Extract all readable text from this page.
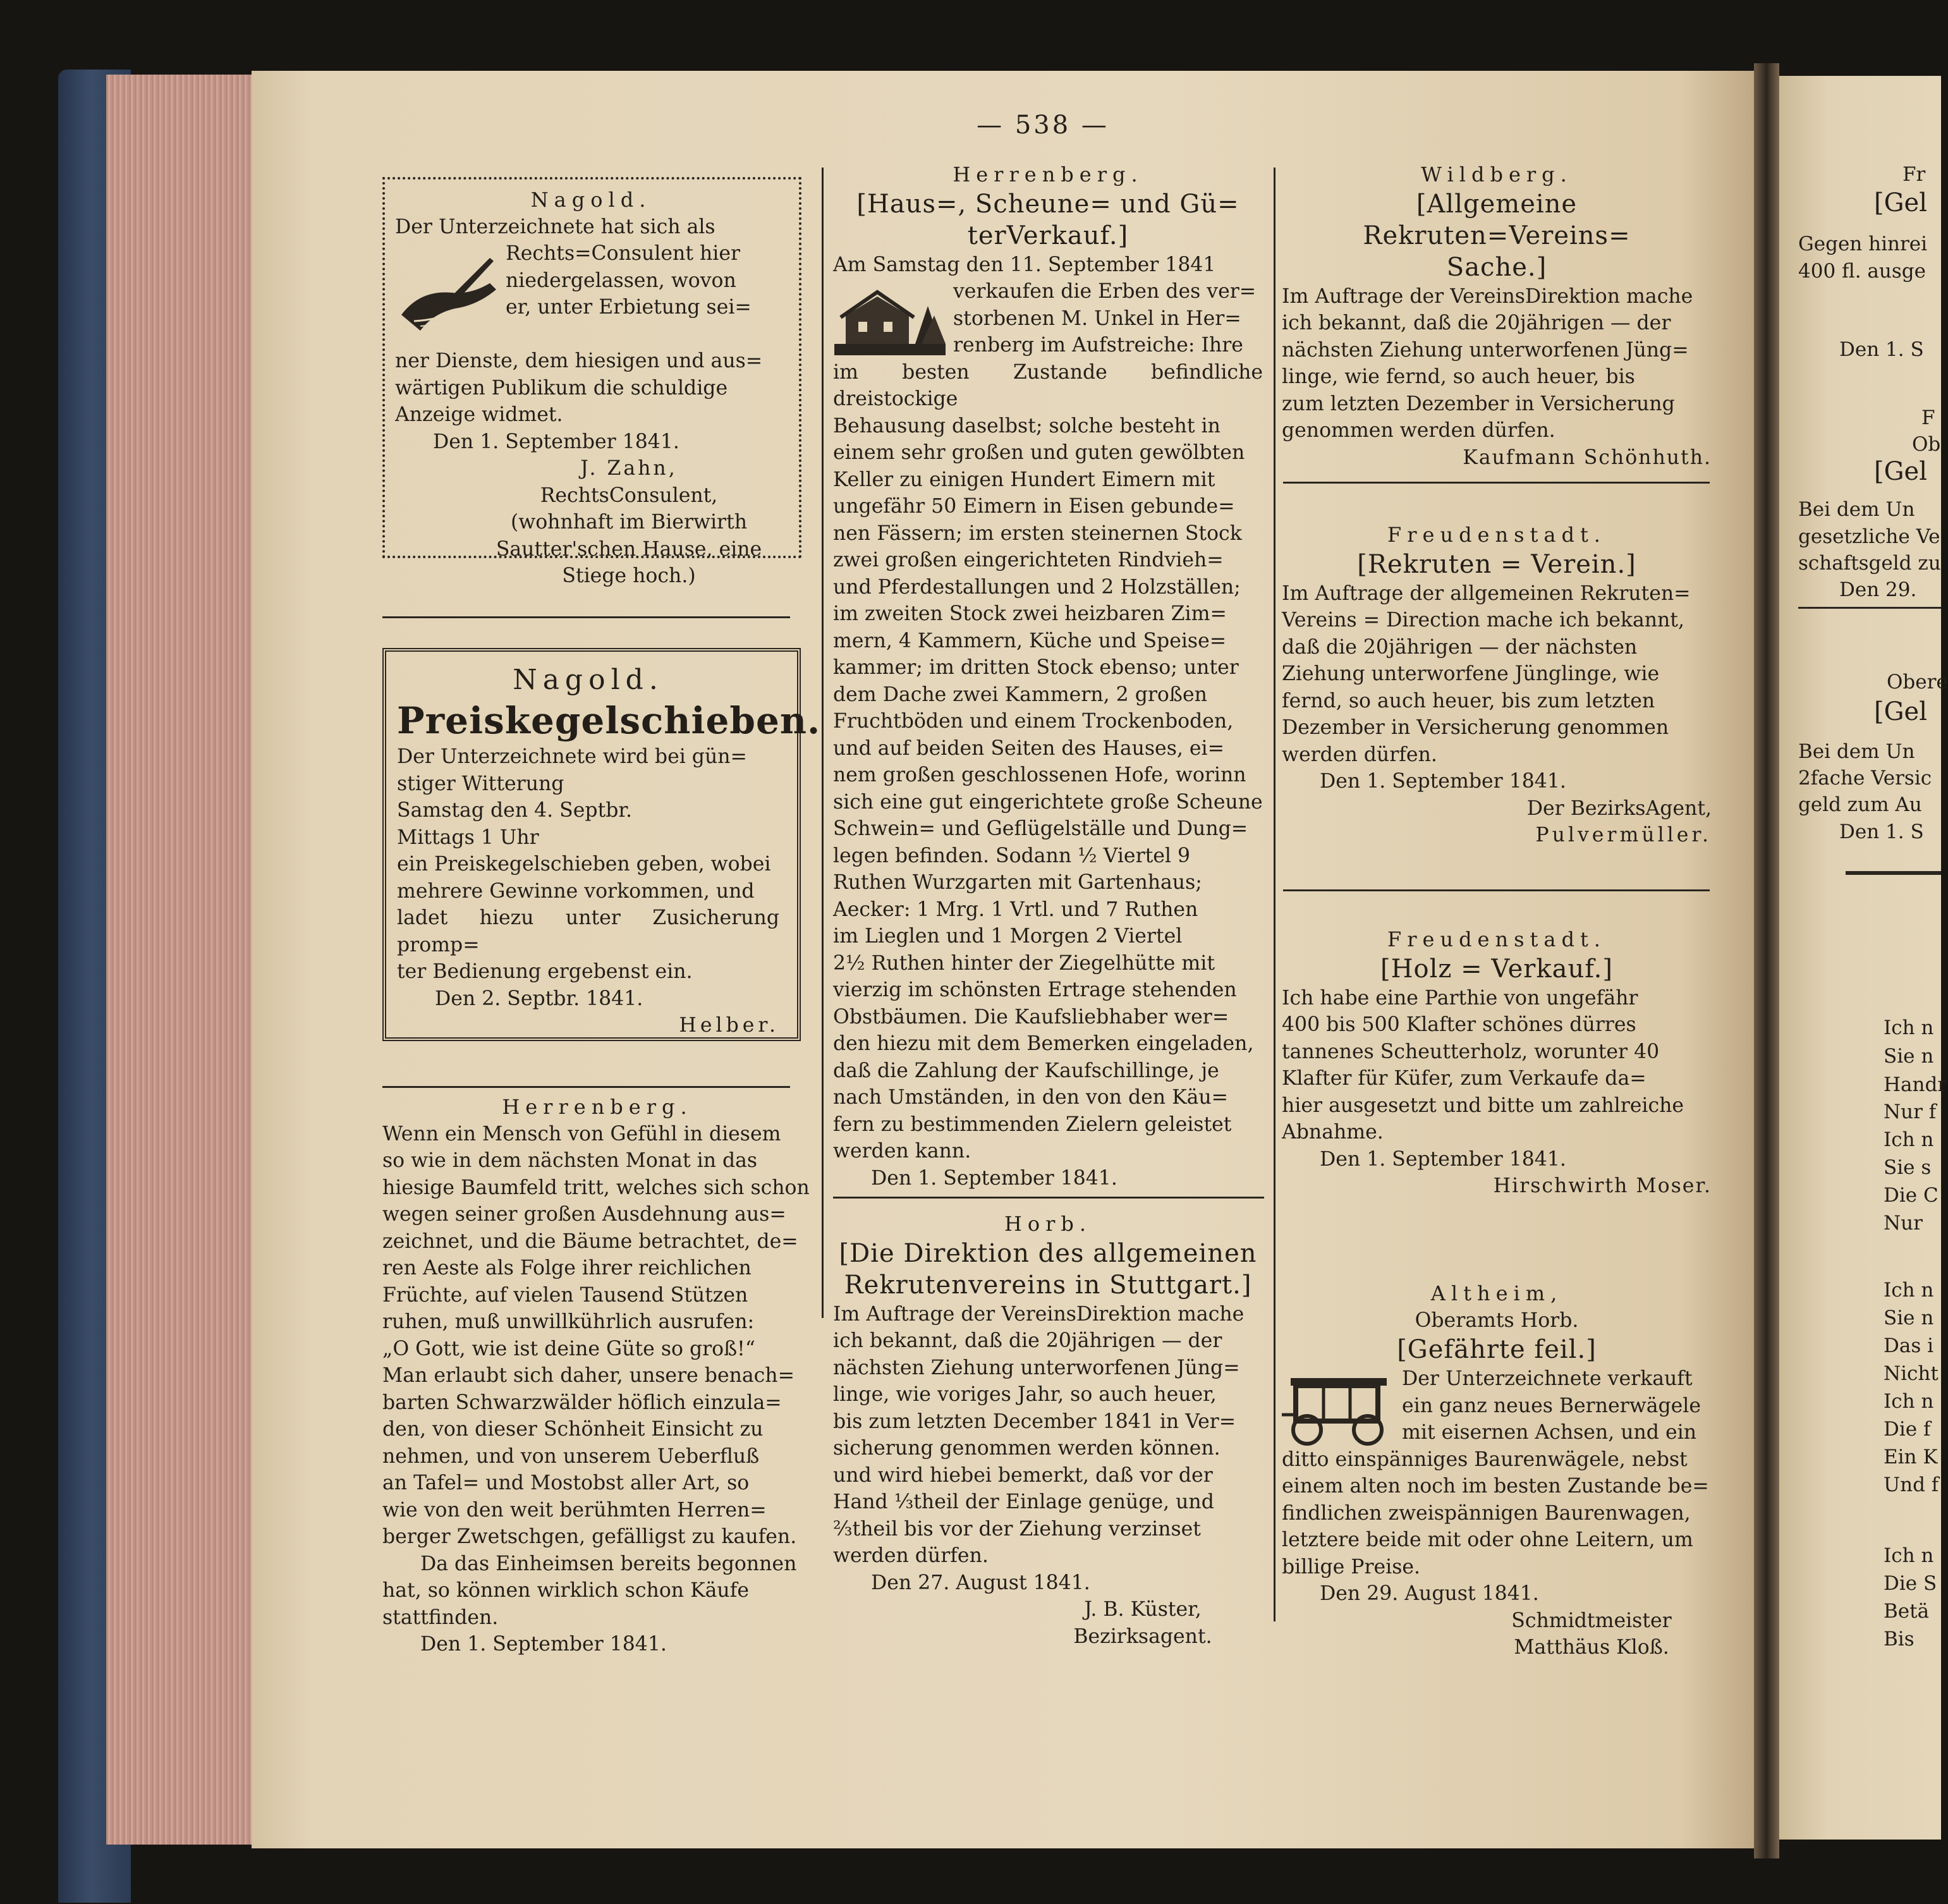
— 538 —
Nagold.

Der Unterzeichnete hat sich als

Rechts=Consulent hier

niedergelassen, wovon

er, unter Erbietung sei=

ner Dienste, dem hiesigen und aus=

wärtigen Publikum die schuldige

Anzeige widmet.

Den 1. September 1841.

J. Zahn,
RechtsConsulent,
(wohnhaft im Bierwirth
Sautter'schen Hause, eine
Stiege hoch.)
Nagold.
Preiskegelschieben.

Der Unterzeichnete wird bei gün=

stiger Witterung

Samstag den 4. Septbr.

Mittags 1 Uhr

ein Preiskegelschieben geben, wobei

mehrere Gewinne vorkommen, und

ladet hiezu unter Zusicherung promp=

ter Bedienung ergebenst ein.

Den 2. Septbr. 1841.

Helber.
Herrenberg.

Wenn ein Mensch von Gefühl in diesem

so wie in dem nächsten Monat in das

hiesige Baumfeld tritt, welches sich schon

wegen seiner großen Ausdehnung aus=

zeichnet, und die Bäume betrachtet, de=

ren Aeste als Folge ihrer reichlichen

Früchte, auf vielen Tausend Stützen

ruhen, muß unwillkührlich ausrufen:

„O Gott, wie ist deine Güte so groß!“

Man erlaubt sich daher, unsere benach=

barten Schwarzwälder höflich einzula=

den, von dieser Schönheit Einsicht zu

nehmen, und von unserem Ueberfluß

an Tafel= und Mostobst aller Art, so

wie von den weit berühmten Herren=

berger Zwetschgen, gefälligst zu kaufen.

Da das Einheimsen bereits begonnen

hat, so können wirklich schon Käufe

stattfinden.

Den 1. September 1841.

Herrenberg.
[Haus=, Scheune= und Gü=
terVerkauf.]

Am Samstag den 11. September 1841

verkaufen die Erben des ver=

storbenen M. Unkel in Her=

renberg im Aufstreiche: Ihre

im besten Zustande befindliche dreistockige

Behausung daselbst; solche besteht in

einem sehr großen und guten gewölbten

Keller zu einigen Hundert Eimern mit

ungefähr 50 Eimern in Eisen gebunde=

nen Fässern; im ersten steinernen Stock

zwei großen eingerichteten Rindvieh=

und Pferdestallungen und 2 Holzställen;

im zweiten Stock zwei heizbaren Zim=

mern, 4 Kammern, Küche und Speise=

kammer; im dritten Stock ebenso; unter

dem Dache zwei Kammern, 2 großen

Fruchtböden und einem Trockenboden,

und auf beiden Seiten des Hauses, ei=

nem großen geschlossenen Hofe, worinn

sich eine gut eingerichtete große Scheune

Schwein= und Geflügelställe und Dung=

legen befinden. Sodann ½ Viertel 9

Ruthen Wurzgarten mit Gartenhaus;

Aecker: 1 Mrg. 1 Vrtl. und 7 Ruthen

im Lieglen und 1 Morgen 2 Viertel

2½ Ruthen hinter der Ziegelhütte mit

vierzig im schönsten Ertrage stehenden

Obstbäumen. Die Kaufsliebhaber wer=

den hiezu mit dem Bemerken eingeladen,

daß die Zahlung der Kaufschillinge, je

nach Umständen, in den von den Käu=

fern zu bestimmenden Zielern geleistet

werden kann.

Den 1. September 1841.

Horb.
[Die Direktion des allgemeinen
Rekrutenvereins in Stuttgart.]

Im Auftrage der VereinsDirektion mache

ich bekannt, daß die 20jährigen — der

nächsten Ziehung unterworfenen Jüng=

linge, wie voriges Jahr, so auch heuer,

bis zum letzten December 1841 in Ver=

sicherung genommen werden können.

und wird hiebei bemerkt, daß vor der

Hand ⅓theil der Einlage genüge, und

⅔theil bis vor der Ziehung verzinset

werden dürfen.

Den 27. August 1841.

J. B. Küster,
Bezirksagent.
Wildberg.
[Allgemeine Rekruten=Vereins=
Sache.]

Im Auftrage der VereinsDirektion mache

ich bekannt, daß die 20jährigen — der

nächsten Ziehung unterworfenen Jüng=

linge, wie fernd, so auch heuer, bis

zum letzten Dezember in Versicherung

genommen werden dürfen.

Kaufmann Schönhuth.
Freudenstadt.
[Rekruten = Verein.]

Im Auftrage der allgemeinen Rekruten=

Vereins = Direction mache ich bekannt,

daß die 20jährigen — der nächsten

Ziehung unterworfene Jünglinge, wie

fernd, so auch heuer, bis zum letzten

Dezember in Versicherung genommen

werden dürfen.

Den 1. September 1841.

Der BezirksAgent,
Pulvermüller.
Freudenstadt.
[Holz = Verkauf.]

Ich habe eine Parthie von ungefähr

400 bis 500 Klafter schönes dürres

tannenes Scheutterholz, worunter 40

Klafter für Küfer, zum Verkaufe da=

hier ausgesetzt und bitte um zahlreiche

Abnahme.

Den 1. September 1841.

Hirschwirth Moser.
Altheim,
Oberamts Horb.
[Gefährte feil.]

Der Unterzeichnete verkauft

ein ganz neues Bernerwägele

mit eisernen Achsen, und ein

ditto einspänniges Baurenwägele, nebst

einem alten noch im besten Zustande be=

findlichen zweispännigen Baurenwagen,

letztere beide mit oder ohne Leitern, um

billige Preise.

Den 29. August 1841.

Schmidtmeister
Matthäus Kloß.
Fr
[Gel
Gegen hinrei
400 fl. ausge
Den 1. S
F
Ob
[Gel
Bei dem Un
gesetzliche Ve
schaftsgeld zu
Den 29.
Obere
[Gel
Bei dem Un
2fache Versic
geld zum Au
Den 1. S
Ich n
Sie n
Handr
Nur f
Ich n
Sie s
Die C
Nur
Ich n
Sie n
Das i
Nicht
Ich n
Die f
Ein K
Und f
Ich n
Die S
Betä
Bis
